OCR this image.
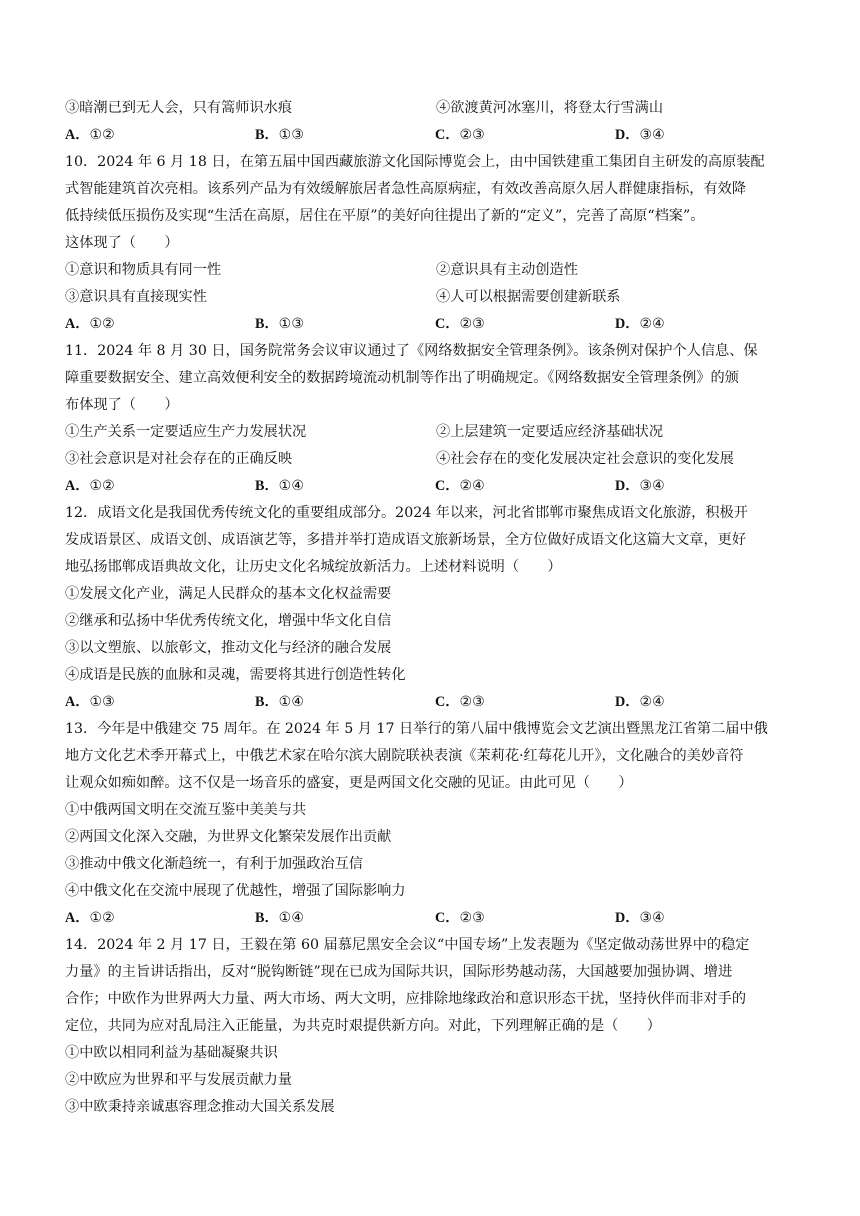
③暗潮已到无人会，只有篙师识水痕	④欲渡黄河冰塞川，将登太行雪满山
A．①②	B．①③	C．②③	D．③④
10．2024 年 6 月 18 日，在第五届中国西藏旅游文化国际博览会上，由中国铁建重工集团自主研发的高原装配
式智能建筑首次亮相。该系列产品为有效缓解旅居者急性高原病症，有效改善高原久居人群健康指标，有效降
低持续低压损伤及实现“生活在高原，居住在平原”的美好向往提出了新的“定义”，完善了高原“档案”。
这体现了（　　）
①意识和物质具有同一性	②意识具有主动创造性
③意识具有直接现实性	④人可以根据需要创建新联系
A．①②	B．①③	C．②③	D．②④
11．2024 年 8 月 30 日，国务院常务会议审议通过了《网络数据安全管理条例》。该条例对保护个人信息、保
障重要数据安全、建立高效便利安全的数据跨境流动机制等作出了明确规定。《网络数据安全管理条例》的颁
布体现了（　　）
①生产关系一定要适应生产力发展状况	②上层建筑一定要适应经济基础状况
③社会意识是对社会存在的正确反映	④社会存在的变化发展决定社会意识的变化发展
A．①②	B．①④	C．②④	D．③④
12．成语文化是我国优秀传统文化的重要组成部分。2024 年以来，河北省邯郸市聚焦成语文化旅游，积极开
发成语景区、成语文创、成语演艺等，多措并举打造成语文旅新场景，全方位做好成语文化这篇大文章，更好
地弘扬邯郸成语典故文化，让历史文化名城绽放新活力。上述材料说明（　　）
①发展文化产业，满足人民群众的基本文化权益需要
②继承和弘扬中华优秀传统文化，增强中华文化自信
③以文塑旅、以旅彰文，推动文化与经济的融合发展
④成语是民族的血脉和灵魂，需要将其进行创造性转化
A．①③	B．①④	C．②③	D．②④
13．今年是中俄建交 75 周年。在 2024 年 5 月 17 日举行的第八届中俄博览会文艺演出暨黑龙江省第二届中俄
地方文化艺术季开幕式上，中俄艺术家在哈尔滨大剧院联袂表演《茉莉花·红莓花儿开》，文化融合的美妙音符
让观众如痴如醉。这不仅是一场音乐的盛宴，更是两国文化交融的见证。由此可见（　　）
①中俄两国文明在交流互鉴中美美与共
②两国文化深入交融，为世界文化繁荣发展作出贡献
③推动中俄文化渐趋统一，有利于加强政治互信
④中俄文化在交流中展现了优越性，增强了国际影响力
A．①②	B．①④	C．②③	D．③④
14．2024 年 2 月 17 日，王毅在第 60 届慕尼黑安全会议“中国专场”上发表题为《坚定做动荡世界中的稳定
力量》的主旨讲话指出，反对“脱钩断链”现在已成为国际共识，国际形势越动荡，大国越要加强协调、增进
合作；中欧作为世界两大力量、两大市场、两大文明，应排除地缘政治和意识形态干扰，坚持伙伴而非对手的
定位，共同为应对乱局注入正能量，为共克时艰提供新方向。对此，下列理解正确的是（　　）
①中欧以相同利益为基础凝聚共识
②中欧应为世界和平与发展贡献力量
③中欧秉持亲诚惠容理念推动大国关系发展
